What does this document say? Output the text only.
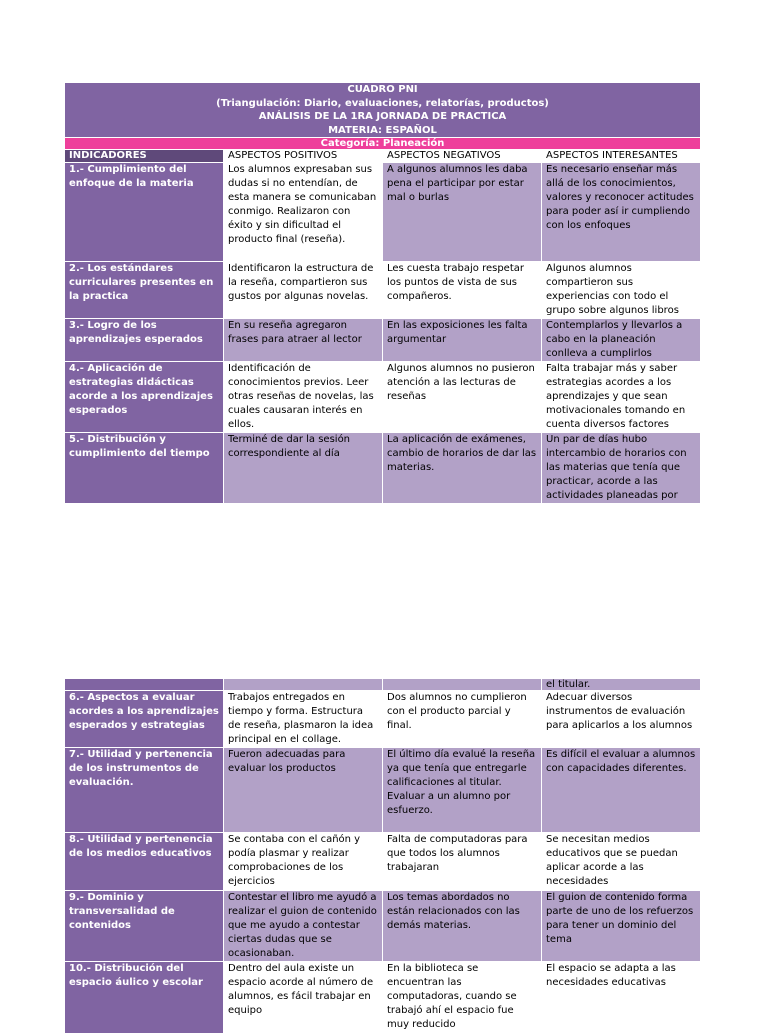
CUADRO PNI
(Triangulación: Diario, evaluaciones, relatorías, productos)
ANÁLISIS DE LA 1RA JORNADA DE PRACTICA
MATERIA: ESPAÑOL			

Categoría: Planeación			
INDICADORES	ASPECTOS POSITIVOS	ASPECTOS NEGATIVOS	ASPECTOS INTERESANTES
1.- Cumplimiento del enfoque de la materia	Los alumnos expresaban sus dudas si no entendían, de esta manera se comunicaban conmigo. Realizaron con éxito y sin dificultad el producto final (reseña).	A algunos alumnos les daba pena el participar por estar mal o burlas	Es necesario enseñar más allá de los conocimientos, valores y reconocer actitudes para poder así ir cumpliendo con los enfoques
2.- Los estándares curriculares presentes en la practica	Identificaron la estructura de la reseña, compartieron sus gustos por algunas novelas.	Les cuesta trabajo respetar los puntos de vista de sus compañeros.	Algunos alumnos compartieron sus experiencias con todo el grupo sobre algunos libros
3.- Logro de los aprendizajes esperados	En su reseña agregaron frases para atraer al lector	En las exposiciones les falta argumentar	Contemplarlos y llevarlos a cabo en la planeación conlleva a cumplirlos
4.- Aplicación de estrategias didácticas acorde a los aprendizajes esperados	Identificación de conocimientos previos. Leer otras reseñas de novelas, las cuales causaran interés en ellos.	Algunos alumnos no pusieron atención a las lecturas de reseñas	Falta trabajar más y saber estrategias acordes a los aprendizajes y que sean motivacionales tomando en cuenta diversos factores
5.- Distribución y cumplimiento del tiempo	Terminé de dar la sesión correspondiente al día	La aplicación de exámenes, cambio de horarios de dar las materias.	Un par de días hubo intercambio de horarios con las materias que tenía que practicar, acorde a las actividades planeadas por
			el titular.
6.- Aspectos a evaluar acordes a los aprendizajes esperados y estrategias	Trabajos entregados en tiempo y forma. Estructura de reseña, plasmaron la idea principal en el collage.	Dos alumnos no cumplieron con el producto parcial y final.	Adecuar diversos instrumentos de evaluación para aplicarlos a los alumnos
7.- Utilidad y pertenencia de los instrumentos de evaluación.	Fueron adecuadas para evaluar los productos	El último día evalué la reseña ya que tenía que entregarle calificaciones al titular. Evaluar a un alumno por esfuerzo.	Es difícil el evaluar a alumnos con capacidades diferentes.
8.- Utilidad y pertenencia de los medios educativos	Se contaba con el cañón y podía plasmar y realizar comprobaciones de los ejercicios	Falta de computadoras para que todos los alumnos trabajaran	Se necesitan medios educativos que se puedan aplicar acorde a las necesidades
9.- Dominio y transversalidad de contenidos	Contestar el libro me ayudó a realizar el guion de contenido que me ayudo a contestar ciertas dudas que se ocasionaban.	Los temas abordados no están relacionados con las demás materias.	El guion de contenido forma parte de uno de los refuerzos para tener un dominio del tema
10.- Distribución del espacio áulico y escolar	Dentro del aula existe un espacio acorde al número de alumnos, es fácil trabajar en equipo	En la biblioteca se encuentran las computadoras, cuando se trabajó ahí el espacio fue muy reducido	El espacio se adapta a las necesidades educativas
